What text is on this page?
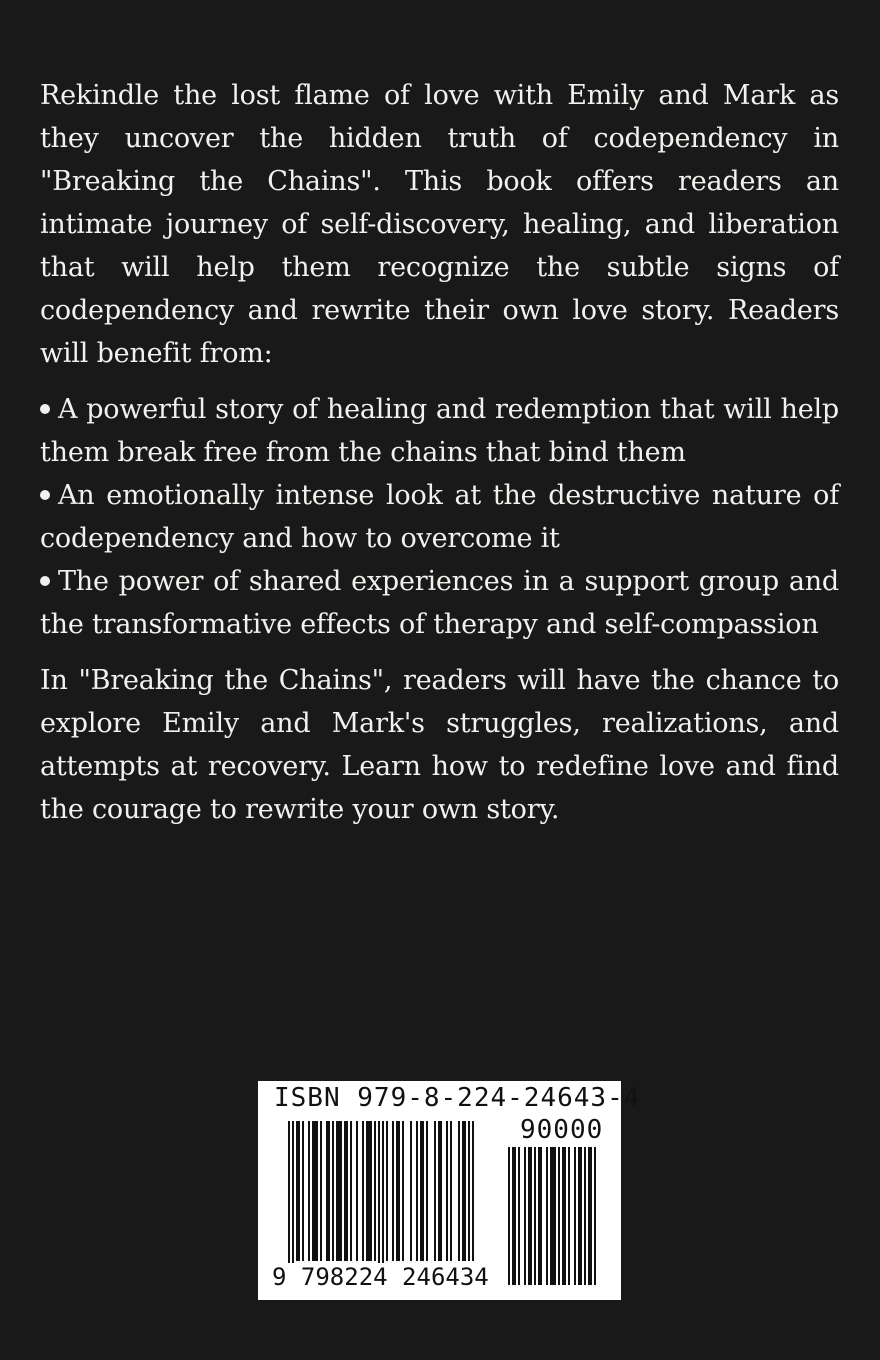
Rekindle the lost flame of love with Emily and Mark as they uncover the hidden truth of codependency in "Breaking the Chains". This book offers readers an intimate journey of self-discovery, healing, and liberation that will help them recognize the subtle signs of codependency and rewrite their own love story. Readers will benefit from:

A powerful story of healing and redemption that will help them break free from the chains that bind them
An emotionally intense look at the destructive nature of codependency and how to overcome it
The power of shared experiences in a support group and the transformative effects of therapy and self-compassion

In "Breaking the Chains", readers will have the chance to explore Emily and Mark's struggles, realizations, and attempts at recovery. Learn how to redefine love and find the courage to rewrite your own story.

ISBN 979-8-224-24643-4
90000
9 798224 246434
